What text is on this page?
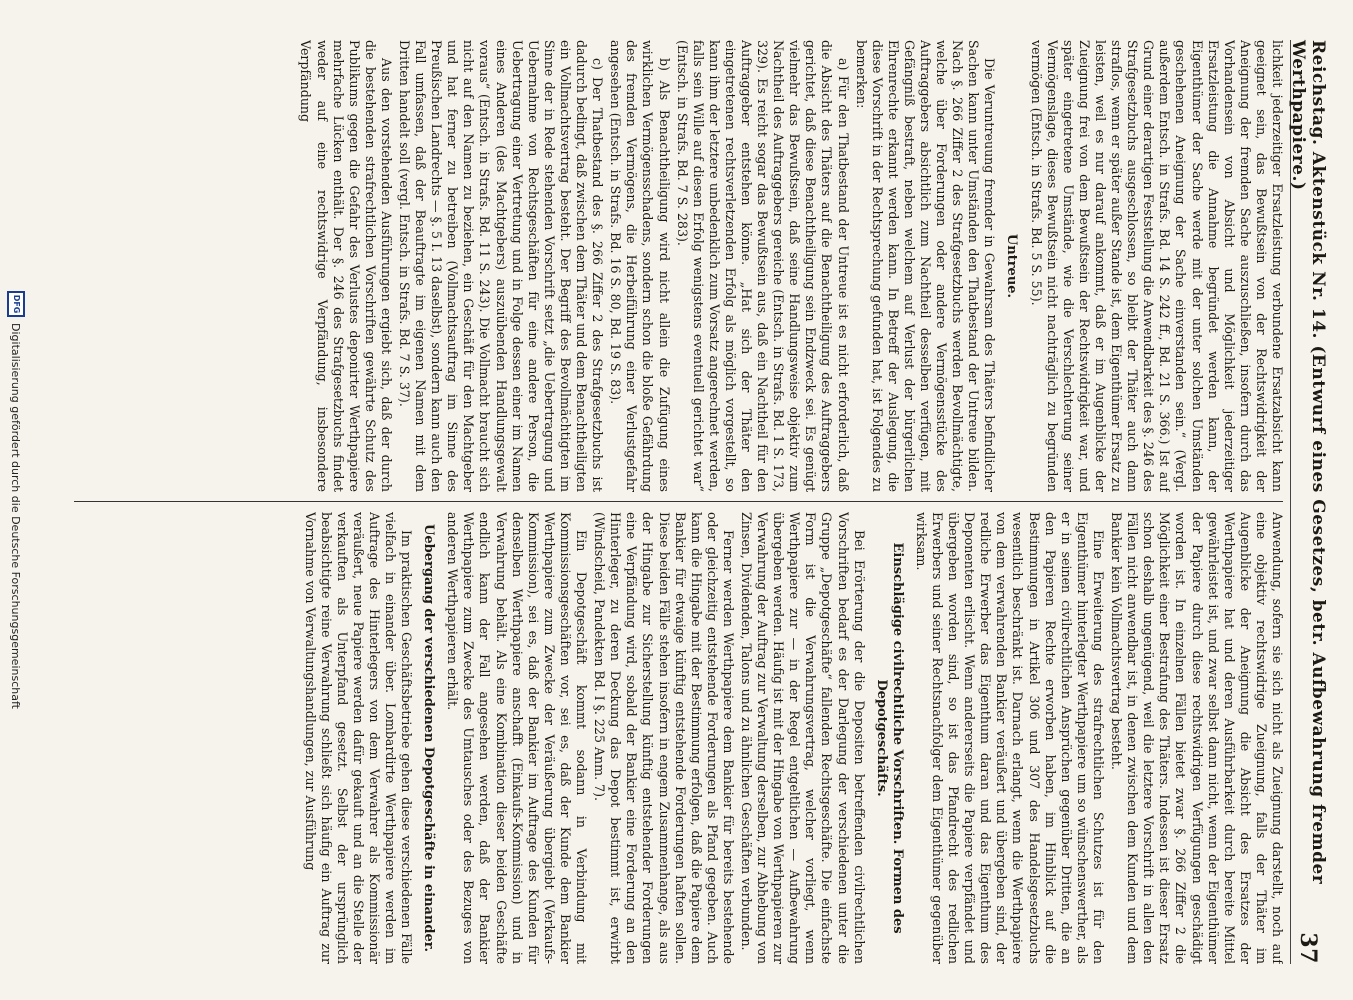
Reichstag. Aktenstück Nr. 14. (Entwurf eines Gesetzes, betr. Aufbewahrung fremder Werthpapiere.)
37

lichkeit jederzeitiger Ersatzleistung verbundene Ersatzabsicht kann geeignet sein, das Bewußtsein von der Rechtswidrigkeit der Aneignung der fremden Sache auszuschließen, insofern durch das Vorhandensein von Absicht und Möglichkeit jederzeitiger Ersatzleistung die Annahme begründet werden kann, der Eigenthümer der Sache werde mit der unter solchen Umständen geschehenen Aneignung der Sache einverstanden sein.“ (Vergl. außerdem Entsch. in Strafs. Bd. 14 S. 242 ff., Bd. 21 S. 366.) Ist auf Grund einer derartigen Feststellung die Anwendbarkeit des §. 246 des Strafgesetzbuchs ausgeschlossen, so bleibt der Thäter auch dann straflos, wenn er später außer Stande ist, dem Eigenthümer Ersatz zu leisten, weil es nur darauf ankommt, daß er im Augenblicke der Zueignung frei von dem Bewußtsein der Rechtswidrigkeit war, und später eingetretene Umstände, wie die Verschlechterung seiner Vermögenslage, dieses Bewußtsein nicht nachträglich zu begründen vermögen (Entsch. in Strafs. Bd. 5 S. 55).

Untreue.

Die Veruntreuung fremder in Gewahrsam des Thäters befindlicher Sachen kann unter Umständen den Thatbestand der Untreue bilden. Nach §. 266 Ziffer 2 des Strafgesetzbuchs werden Bevollmächtigte, welche über Forderungen oder andere Vermögensstücke des Auftraggebers absichtlich zum Nachtheil desselben verfügen, mit Gefängniß bestraft, neben welchem auf Verlust der bürgerlichen Ehrenrechte erkannt werden kann. In Betreff der Auslegung, die diese Vorschrift in der Rechtsprechung gefunden hat, ist Folgendes zu bemerken:

a) Für den Thatbestand der Untreue ist es nicht erforderlich, daß die Absicht des Thäters auf die Benachtheiligung des Auftraggebers gerichtet, daß diese Benachtheiligung sein Endzweck sei. Es genügt vielmehr das Bewußtsein, daß seine Handlungsweise objektiv zum Nachtheil des Auftraggebers gereiche (Entsch. in Strafs. Bd. 1 S. 173, 329). Es reicht sogar das Bewußtsein aus, daß ein Nachtheil für den Auftraggeber entstehen könne. „Hat sich der Thäter den eingetretenen rechtsverletzenden Erfolg als möglich vorgestellt, so kann ihm der letztere unbedenklich zum Vorsatz angerechnet werden, falls sein Wille auf diesen Erfolg wenigstens eventuell gerichtet war“ (Entsch. in Strafs. Bd. 7 S. 283).

b) Als Benachtheiligung wird nicht allein die Zufügung eines wirklichen Vermögensschadens, sondern schon die bloße Gefährdung des fremden Vermögens, die Herbeiführung einer Verlustgefahr angesehen (Entsch. in Strafs. Bd. 16 S. 80, Bd. 19 S. 83).

c) Der Thatbestand des §. 266 Ziffer 2 des Strafgesetzbuchs ist dadurch bedingt, daß zwischen dem Thäter und dem Benachtheiligten ein Vollmachtsvertrag besteht. Der Begriff des Bevollmächtigten im Sinne der in Rede stehenden Vorschrift setzt „die Uebertragung und Uebernahme von Rechtsgeschäften für eine andere Person, die Uebertragung einer Vertretung und in Folge dessen einer im Namen eines Anderen (des Machtgebers) auszuübenden Handlungsgewalt voraus“ (Entsch. in Strafs. Bd. 11 S. 243). Die Vollmacht braucht sich nicht auf den Namen zu beziehen, ein Geschäft für den Machtgeber und hat ferner zu betreiben (Vollmachtsauftrag im Sinne des Preußischen Landrechts — §. 5 I. 13 daselbst), sondern kann auch den Fall umfassen, daß der Beauftragte im eigenen Namen mit dem Dritten handelt soll (vergl. Entsch. in Strafs. Bd. 7 S. 37).

Aus den vorstehenden Ausführungen ergiebt sich, daß der durch die bestehenden strafrechtlichen Vorschriften gewährte Schutz des Publikums gegen die Gefahr des Verlustes deponirter Werthpapiere mehrfache Lücken enthält. Der §. 246 des Strafgesetzbuchs findet weder auf eine rechtswidrige Verpfändung, insbesondere Verpfändung

Anwendung, sofern sie sich nicht als Zueignung darstellt, noch auf eine objektiv rechtswidrige Zueignung, falls der Thäter im Augenblicke der Aneignung die Absicht des Ersatzes der Werthpapiere hat und deren Ausführbarkeit durch bereite Mittel gewährleistet ist, und zwar selbst dann nicht, wenn der Eigenthümer der Papiere durch diese rechtswidrigen Verfügungen geschädigt worden ist. In einzelnen Fällen bietet zwar §. 266 Ziffer 2 die Möglichkeit einer Bestrafung des Thäters. Indessen ist dieser Ersatz schon deshalb ungenügend, weil die letztere Vorschrift in allen den Fällen nicht anwendbar ist, in denen zwischen dem Kunden und dem Bankier kein Vollmachtsvertrag besteht.

Eine Erweiterung des strafrechtlichen Schutzes ist für den Eigenthümer hinterlegter Werthpapiere um so wünschenswerther, als er in seinen civilrechtlichen Ansprüchen gegenüber Dritten, die an den Papieren Rechte erworben haben, im Hinblick auf die Bestimmungen in Artikel 306 und 307 des Handelsgesetzbuchs wesentlich beschränkt ist. Darnach erlangt, wenn die Werthpapiere von dem verwahrenden Bankier veräußert und übergeben sind, der redliche Erwerber das Eigenthum daran und das Eigenthum des Deponenten erlischt. Wenn andererseits die Papiere verpfändet und übergeben worden sind, so ist das Pfandrecht des redlichen Erwerbers und seiner Rechtsnachfolger dem Eigenthümer gegenüber wirksam.

Einschlägige civilrechtliche Vorschriften. Formen des Depotgeschäfts.

Bei Erörterung der die Depositen betreffenden civilrechtlichen Vorschriften bedarf es der Darlegung der verschiedenen unter die Gruppe „Depotgeschäfte“ fallenden Rechtsgeschäfte. Die einfachste Form ist die Verwahrungsvertrag, welcher vorliegt, wenn Werthpapiere zur — in der Regel entgeltlichen — Aufbewahrung übergeben werden. Häufig ist mit der Hingabe von Werthpapieren zur Verwahrung der Auftrag zur Verwaltung derselben, zur Abhebung von Zinsen, Dividenden, Talons und zu ähnlichen Geschäften verbunden.

Ferner werden Werthpapiere dem Bankier für bereits bestehende oder gleichzeitig entstehende Forderungen als Pfand gegeben. Auch kann die Hingabe mit der Bestimmung erfolgen, daß die Papiere dem Bankier für etwaige künftig entstehende Forderungen haften sollen. Diese beiden Fälle stehen insofern in engem Zusammenhange, als aus der Hingabe zur Sicherstellung künftig entstehender Forderungen eine Verpfändung wird, sobald der Bankier eine Forderung an den Hinterleger, zu deren Deckung das Depot bestimmt ist, erwirbt (Windscheid, Pandekten Bd. I §. 225 Anm. 7).

Ein Depotgeschäft kommt sodann in Verbindung mit Kommissionsgeschäften vor, sei es, daß der Kunde dem Bankier Werthpapiere zum Zwecke der Veräußerung übergiebt (Verkaufs-Kommission), sei es, daß der Bankier im Auftrage des Kunden für denselben Werthpapiere anschafft (Einkaufs-Kommission) und in Verwahrung behält. Als eine Kombination dieser beiden Geschäfte endlich kann der Fall angesehen werden, daß der Bankier Werthpapiere zum Zwecke des Umtausches oder des Bezuges von anderen Werthpapieren erhält.

Uebergang der verschiedenen Depotgeschäfte in einander.

Im praktischen Geschäftsbetriebe gehen diese verschiedenen Fälle vielfach in einander über. Lombardirte Werthpapiere werden im Auftrage des Hinterlegers von dem Verwahrer als Kommissionär veräußert, neue Papiere werden dafür gekauft und an die Stelle der verkauften als Unterpfand gesetzt. Selbst der ursprünglich beabsichtigte reine Verwahrung schließt sich häufig ein Auftrag zur Vornahme von Verwaltungshandlungen, zur Ausführung

DFG
Digitalisierung gefördert durch die Deutsche Forschungsgemeinschaft
